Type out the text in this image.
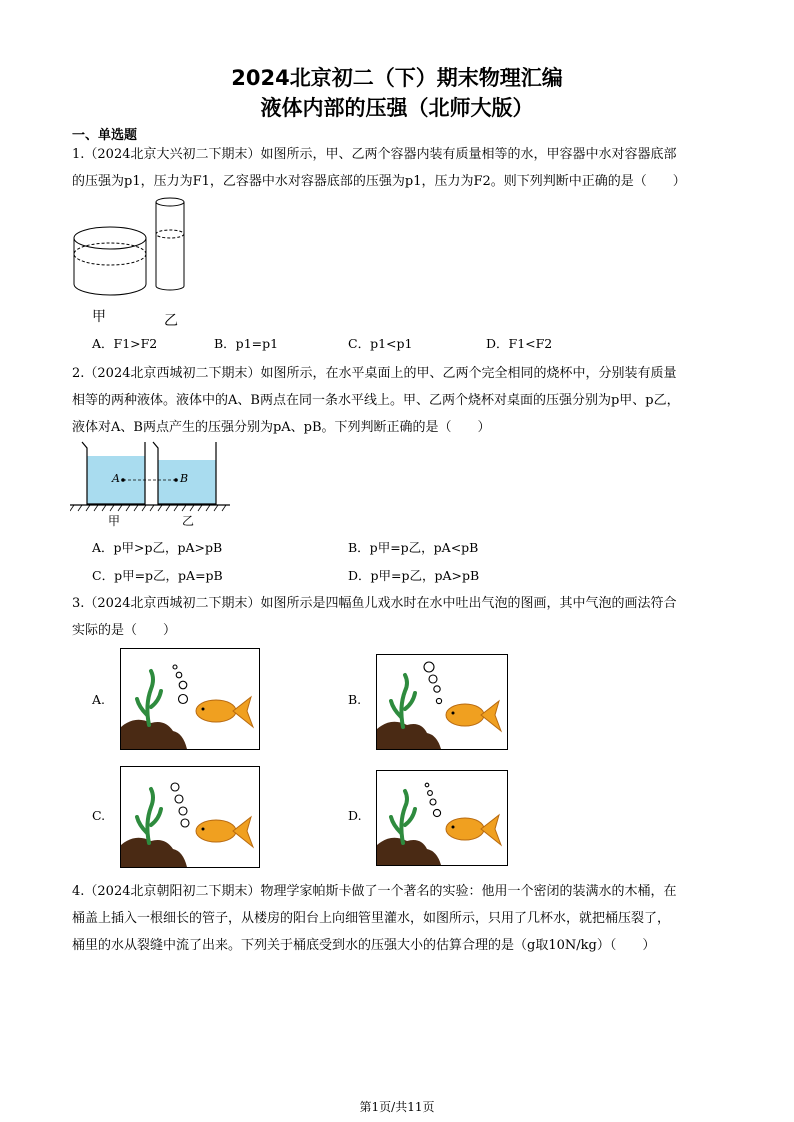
2024北京初二（下）期末物理汇编
液体内部的压强（北师大版）
一、单选题
1.（2024北京大兴初二下期末）如图所示，甲、乙两个容器内装有质量相等的水，甲容器中水对容器底部
的压强为p1，压力为F1，乙容器中水对容器底部的压强为p1，压力为F2。则下列判断中正确的是（　　）
甲	乙
A．F1>F2	B．p1=p1	C．p1<p1	D．F1<F2
2.（2024北京西城初二下期末）如图所示，在水平桌面上的甲、乙两个完全相同的烧杯中，分别装有质量
相等的两种液体。液体中的A、B两点在同一条水平线上。甲、乙两个烧杯对桌面的压强分别为p甲、p乙，
液体对A、B两点产生的压强分别为pA、pB。下列判断正确的是（　　）
A	B
甲	乙
A．p甲>p乙，pA>pB	B．p甲=p乙，pA<pB
C．p甲=p乙，pA=pB	D．p甲=p乙，pA>pB
3.（2024北京西城初二下期末）如图所示是四幅鱼儿戏水时在水中吐出气泡的图画，其中气泡的画法符合
实际的是（　　）
A.	B.
C.	D.
4.（2024北京朝阳初二下期末）物理学家帕斯卡做了一个著名的实验：他用一个密闭的装满水的木桶，在
桶盖上插入一根细长的管子，从楼房的阳台上向细管里灌水，如图所示，只用了几杯水，就把桶压裂了，
桶里的水从裂缝中流了出来。下列关于桶底受到水的压强大小的估算合理的是（g取10N/kg）（　　）
第1页/共11页
